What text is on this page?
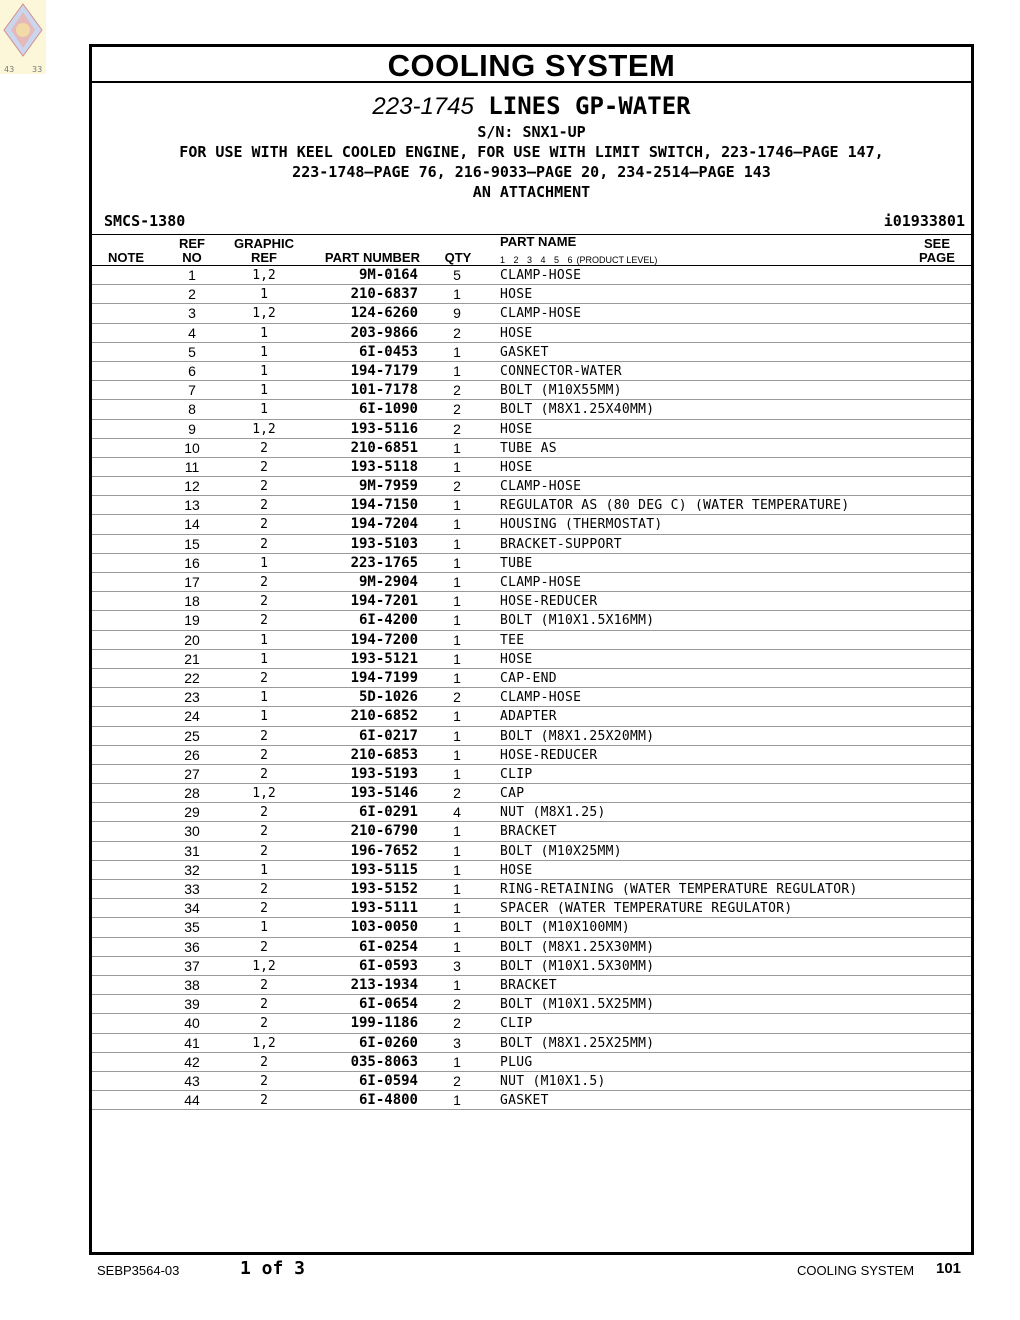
43 33	COOLING SYSTEM
223-1745 LINES GP-WATER
S/N: SNX1-UP
FOR USE WITH KEEL COOLED ENGINE, FOR USE WITH LIMIT SWITCH, 223-1746—PAGE 147,
223-1748—PAGE 76, 216-9033—PAGE 20, 234-2514—PAGE 143
AN ATTACHMENT
SMCS-1380	i01933801
NOTE
REF
NO
GRAPHIC
REF	PART NUMBER	QTY
PART NAME
1 2 3 4 5 6 (PRODUCT LEVEL)
SEE
PAGE
1	1,2	9M-0164	5	CLAMP-HOSE
2	1	210-6837	1	HOSE
3	1,2	124-6260	9	CLAMP-HOSE
4	1	203-9866	2	HOSE
5	1	6I-0453	1	GASKET
6	1	194-7179	1	CONNECTOR-WATER
7	1	101-7178	2	BOLT (M10X55MM)
8	1	6I-1090	2	BOLT (M8X1.25X40MM)
9	1,2	193-5116	2	HOSE
10	2	210-6851	1	TUBE AS
11	2	193-5118	1	HOSE
12	2	9M-7959	2	CLAMP-HOSE
13	2	194-7150	1	REGULATOR AS (80 DEG C) (WATER TEMPERATURE)
14	2	194-7204	1	HOUSING (THERMOSTAT)
15	2	193-5103	1	BRACKET-SUPPORT
16	1	223-1765	1	TUBE
17	2	9M-2904	1	CLAMP-HOSE
18	2	194-7201	1	HOSE-REDUCER
19	2	6I-4200	1	BOLT (M10X1.5X16MM)
20	1	194-7200	1	TEE
21	1	193-5121	1	HOSE
22	2	194-7199	1	CAP-END
23	1	5D-1026	2	CLAMP-HOSE
24	1	210-6852	1	ADAPTER
25	2	6I-0217	1	BOLT (M8X1.25X20MM)
26	2	210-6853	1	HOSE-REDUCER
27	2	193-5193	1	CLIP
28	1,2	193-5146	2	CAP
29	2	6I-0291	4	NUT (M8X1.25)
30	2	210-6790	1	BRACKET
31	2	196-7652	1	BOLT (M10X25MM)
32	1	193-5115	1	HOSE
33	2	193-5152	1	RING-RETAINING (WATER TEMPERATURE REGULATOR)
34	2	193-5111	1	SPACER (WATER TEMPERATURE REGULATOR)
35	1	103-0050	1	BOLT (M10X100MM)
36	2	6I-0254	1	BOLT (M8X1.25X30MM)
37	1,2	6I-0593	3	BOLT (M10X1.5X30MM)
38	2	213-1934	1	BRACKET
39	2	6I-0654	2	BOLT (M10X1.5X25MM)
40	2	199-1186	2	CLIP
41	1,2	6I-0260	3	BOLT (M8X1.25X25MM)
42	2	035-8063	1	PLUG
43	2	6I-0594	2	NUT (M10X1.5)
44	2	6I-4800	1	GASKET
SEBP3564-03	1 of 3	COOLING SYSTEM 101
